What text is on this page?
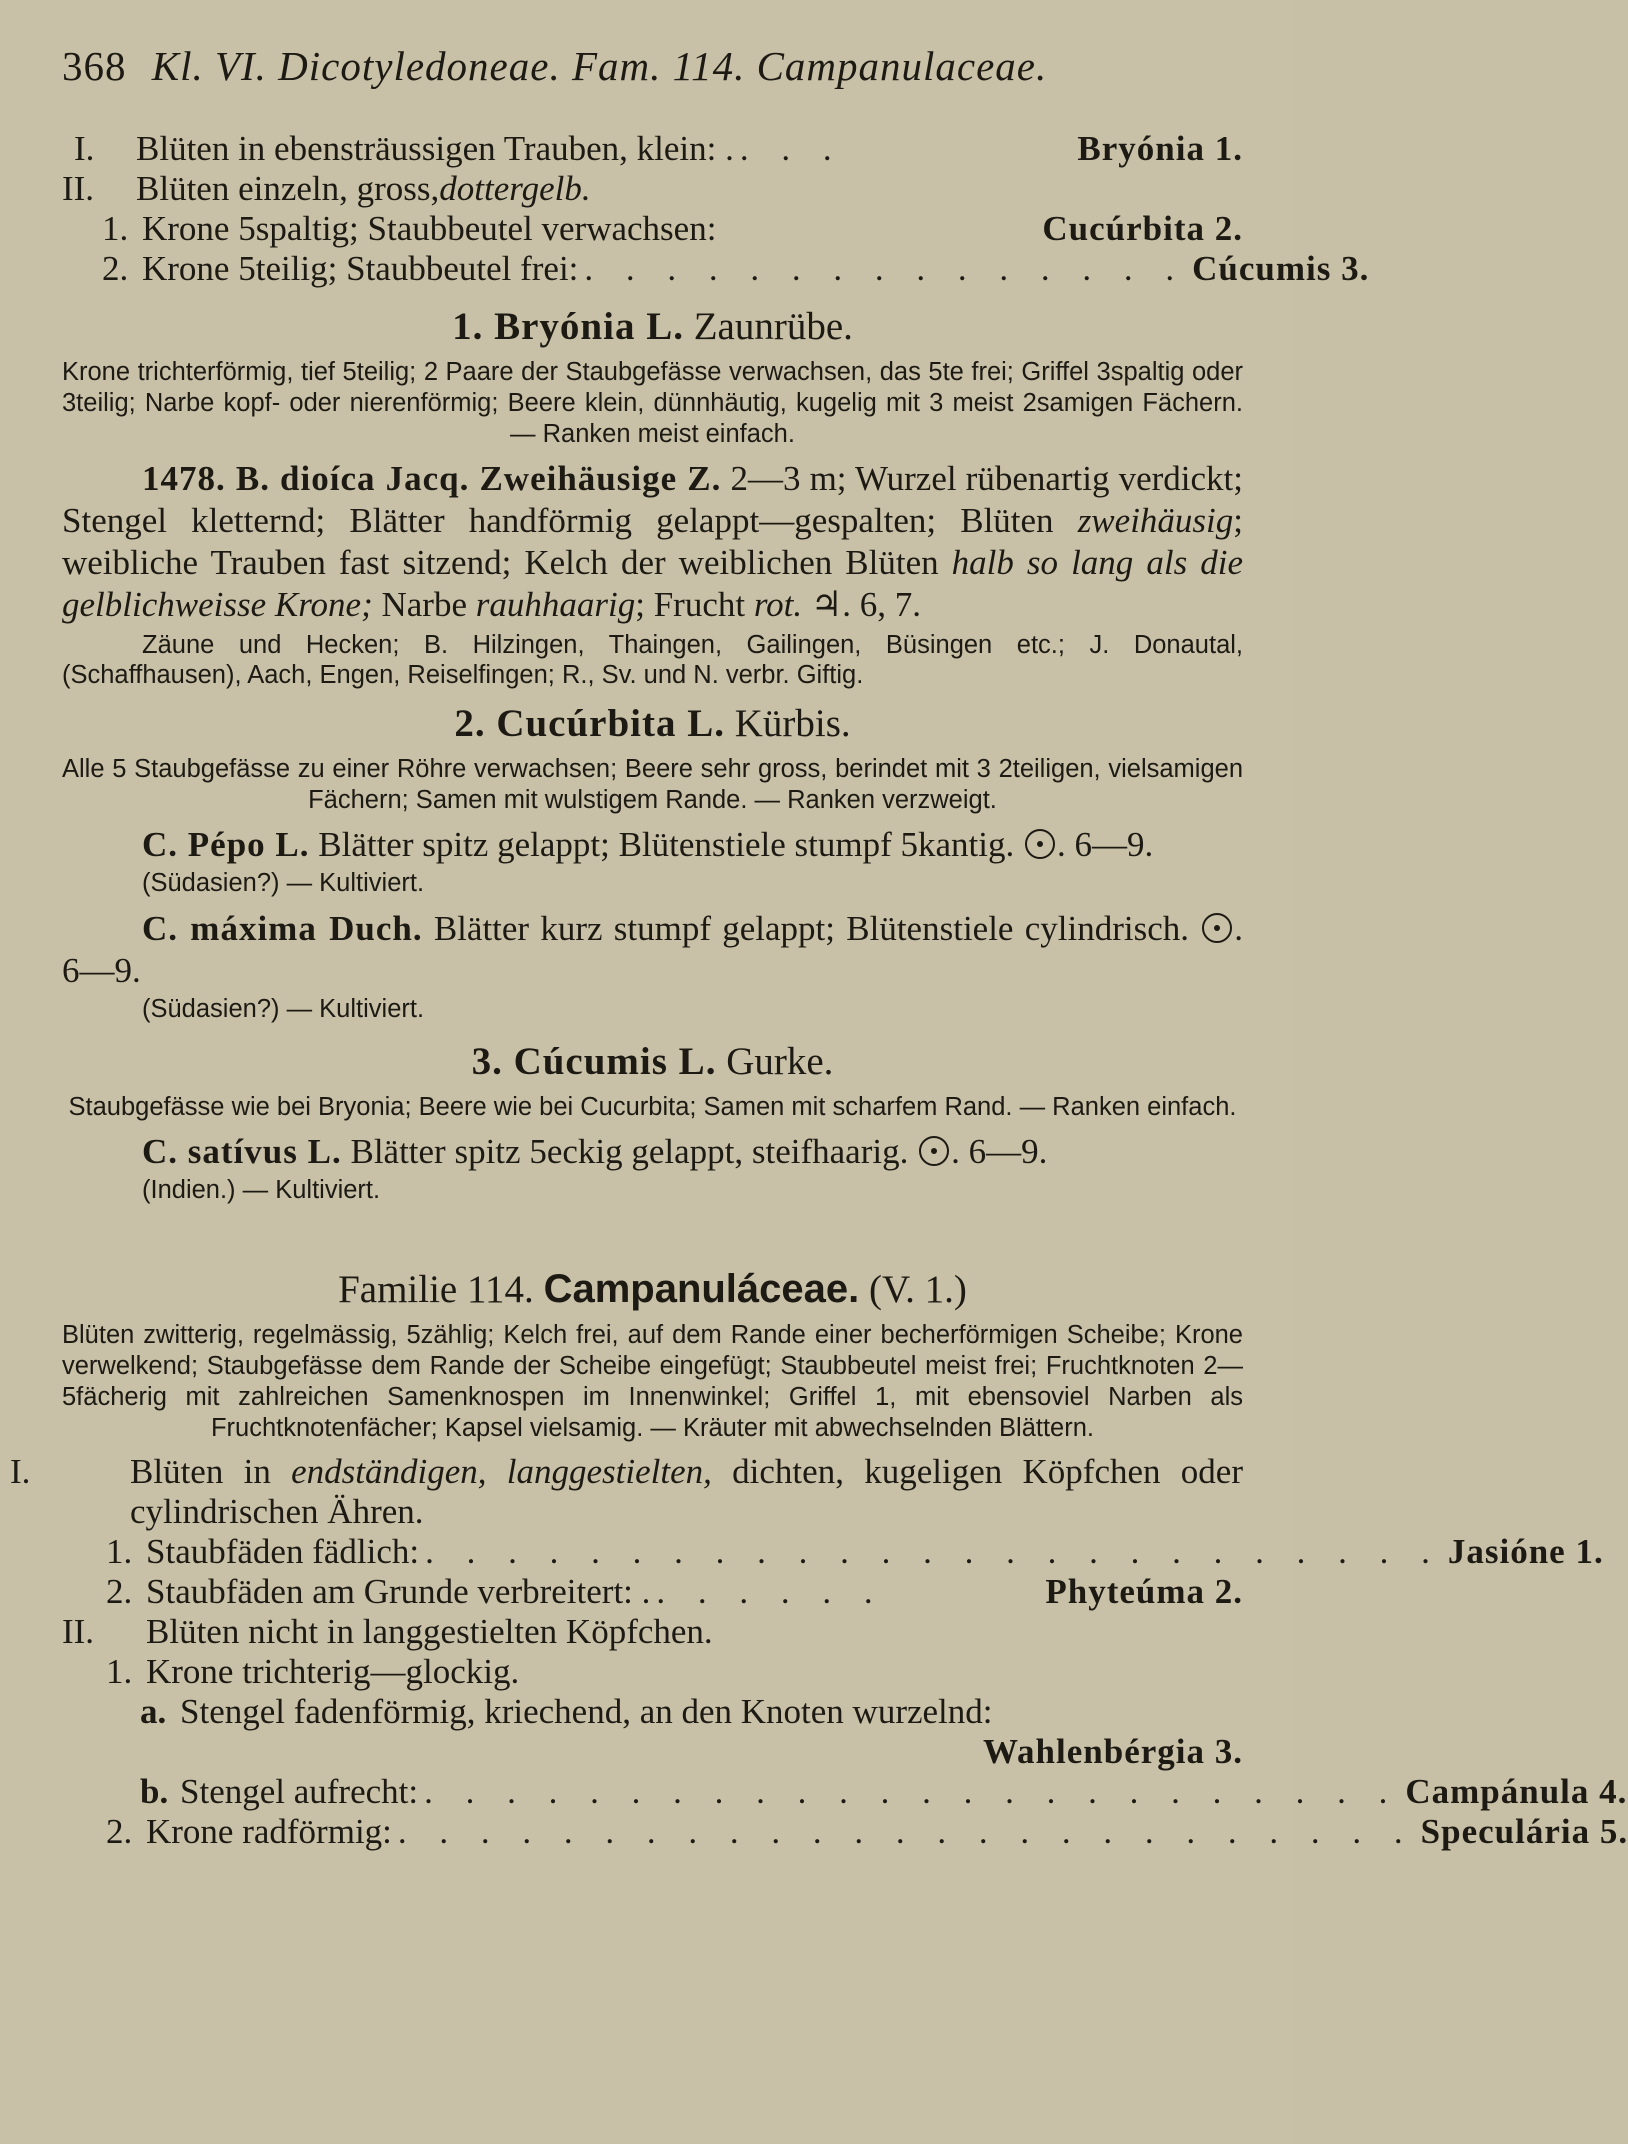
368 Kl. VI. Dicotyledoneae. Fam. 114. Campanulaceae.
I.	Blüten in ebensträussigen Trauben, klein: . . . .	Bryónia 1.
II.	Blüten einzeln, gross, dottergelb.
1. Krone 5spaltig; Staubbeutel verwachsen:	Cucúrbita 2.
2. Krone 5teilig; Staubbeutel frei: . . . . . . . . . . . . . . . Cúcumis 3.
1. Bryónia L. Zaunrübe.

Krone trichterförmig, tief 5teilig; 2 Paare der Staubgefässe verwachsen, das 5te frei; Griffel 3spaltig oder 3teilig; Narbe kopf- oder nierenförmig; Beere klein, dünnhäutig, kugelig mit 3 meist 2samigen Fächern. — Ranken meist einfach.

1478. B. dioíca Jacq. Zweihäusige Z. 2—3 m; Wurzel rübenartig verdickt; Stengel kletternd; Blätter handförmig gelappt—gespalten; Blüten zweihäusig; weibliche Trauben fast sitzend; Kelch der weiblichen Blüten halb so lang als die gelblichweisse Krone; Narbe rauhhaarig; Frucht rot. ♃. 6, 7.

Zäune und Hecken; B. Hilzingen, Thaingen, Gailingen, Büsingen etc.; J. Donautal, (Schaffhausen), Aach, Engen, Reiselfingen; R., Sv. und N. verbr. Giftig.

2. Cucúrbita L. Kürbis.

Alle 5 Staubgefässe zu einer Röhre verwachsen; Beere sehr gross, berindet mit 3 2teiligen, vielsamigen Fächern; Samen mit wulstigem Rande. — Ranken verzweigt.

C. Pépo L. Blätter spitz gelappt; Blütenstiele stumpf 5kantig. . 6—9.

(Südasien?) — Kultiviert.

C. máxima Duch. Blätter kurz stumpf gelappt; Blütenstiele cylindrisch. . 6—9.

(Südasien?) — Kultiviert.

3. Cúcumis L. Gurke.

Staubgefässe wie bei Bryonia; Beere wie bei Cucurbita; Samen mit scharfem Rand. — Ranken einfach.

C. satívus L. Blätter spitz 5eckig gelappt, steifhaarig. . 6—9.

(Indien.) — Kultiviert.

Familie 114. Campanuláceae. (V. 1.)

Blüten zwitterig, regelmässig, 5zählig; Kelch frei, auf dem Rande einer becherförmigen Scheibe; Krone verwelkend; Staubgefässe dem Rande der Scheibe eingefügt; Staubbeutel meist frei; Fruchtknoten 2—5fächerig mit zahlreichen Samenknospen im Innenwinkel; Griffel 1, mit ebensoviel Narben als Fruchtknotenfächer; Kapsel vielsamig. — Kräuter mit abwechselnden Blättern.

I.	Blüten in endständigen, langgestielten, dichten, kugeligen Köpfchen oder cylindrischen Ähren.

1. Staubfäden fädlich: . . . . . . . . . . . . . . . . . . . . . . . . . Jasióne 1.
2. Staubfäden am Grunde verbreitert: . . . . . . .	Phyteúma 2.
II.	Blüten nicht in langgestielten Köpfchen.
1. Krone trichterig—glockig.
a. Stengel fadenförmig, kriechend, an den Knoten wurzelnd:
Wahlenbérgia 3.
b. Stengel aufrecht: . . . . . . . . . . . . . . . . . . . . . . . . Campánula 4.
2. Krone radförmig: . . . . . . . . . . . . . . . . . . . . . . . . . Speculária 5.
